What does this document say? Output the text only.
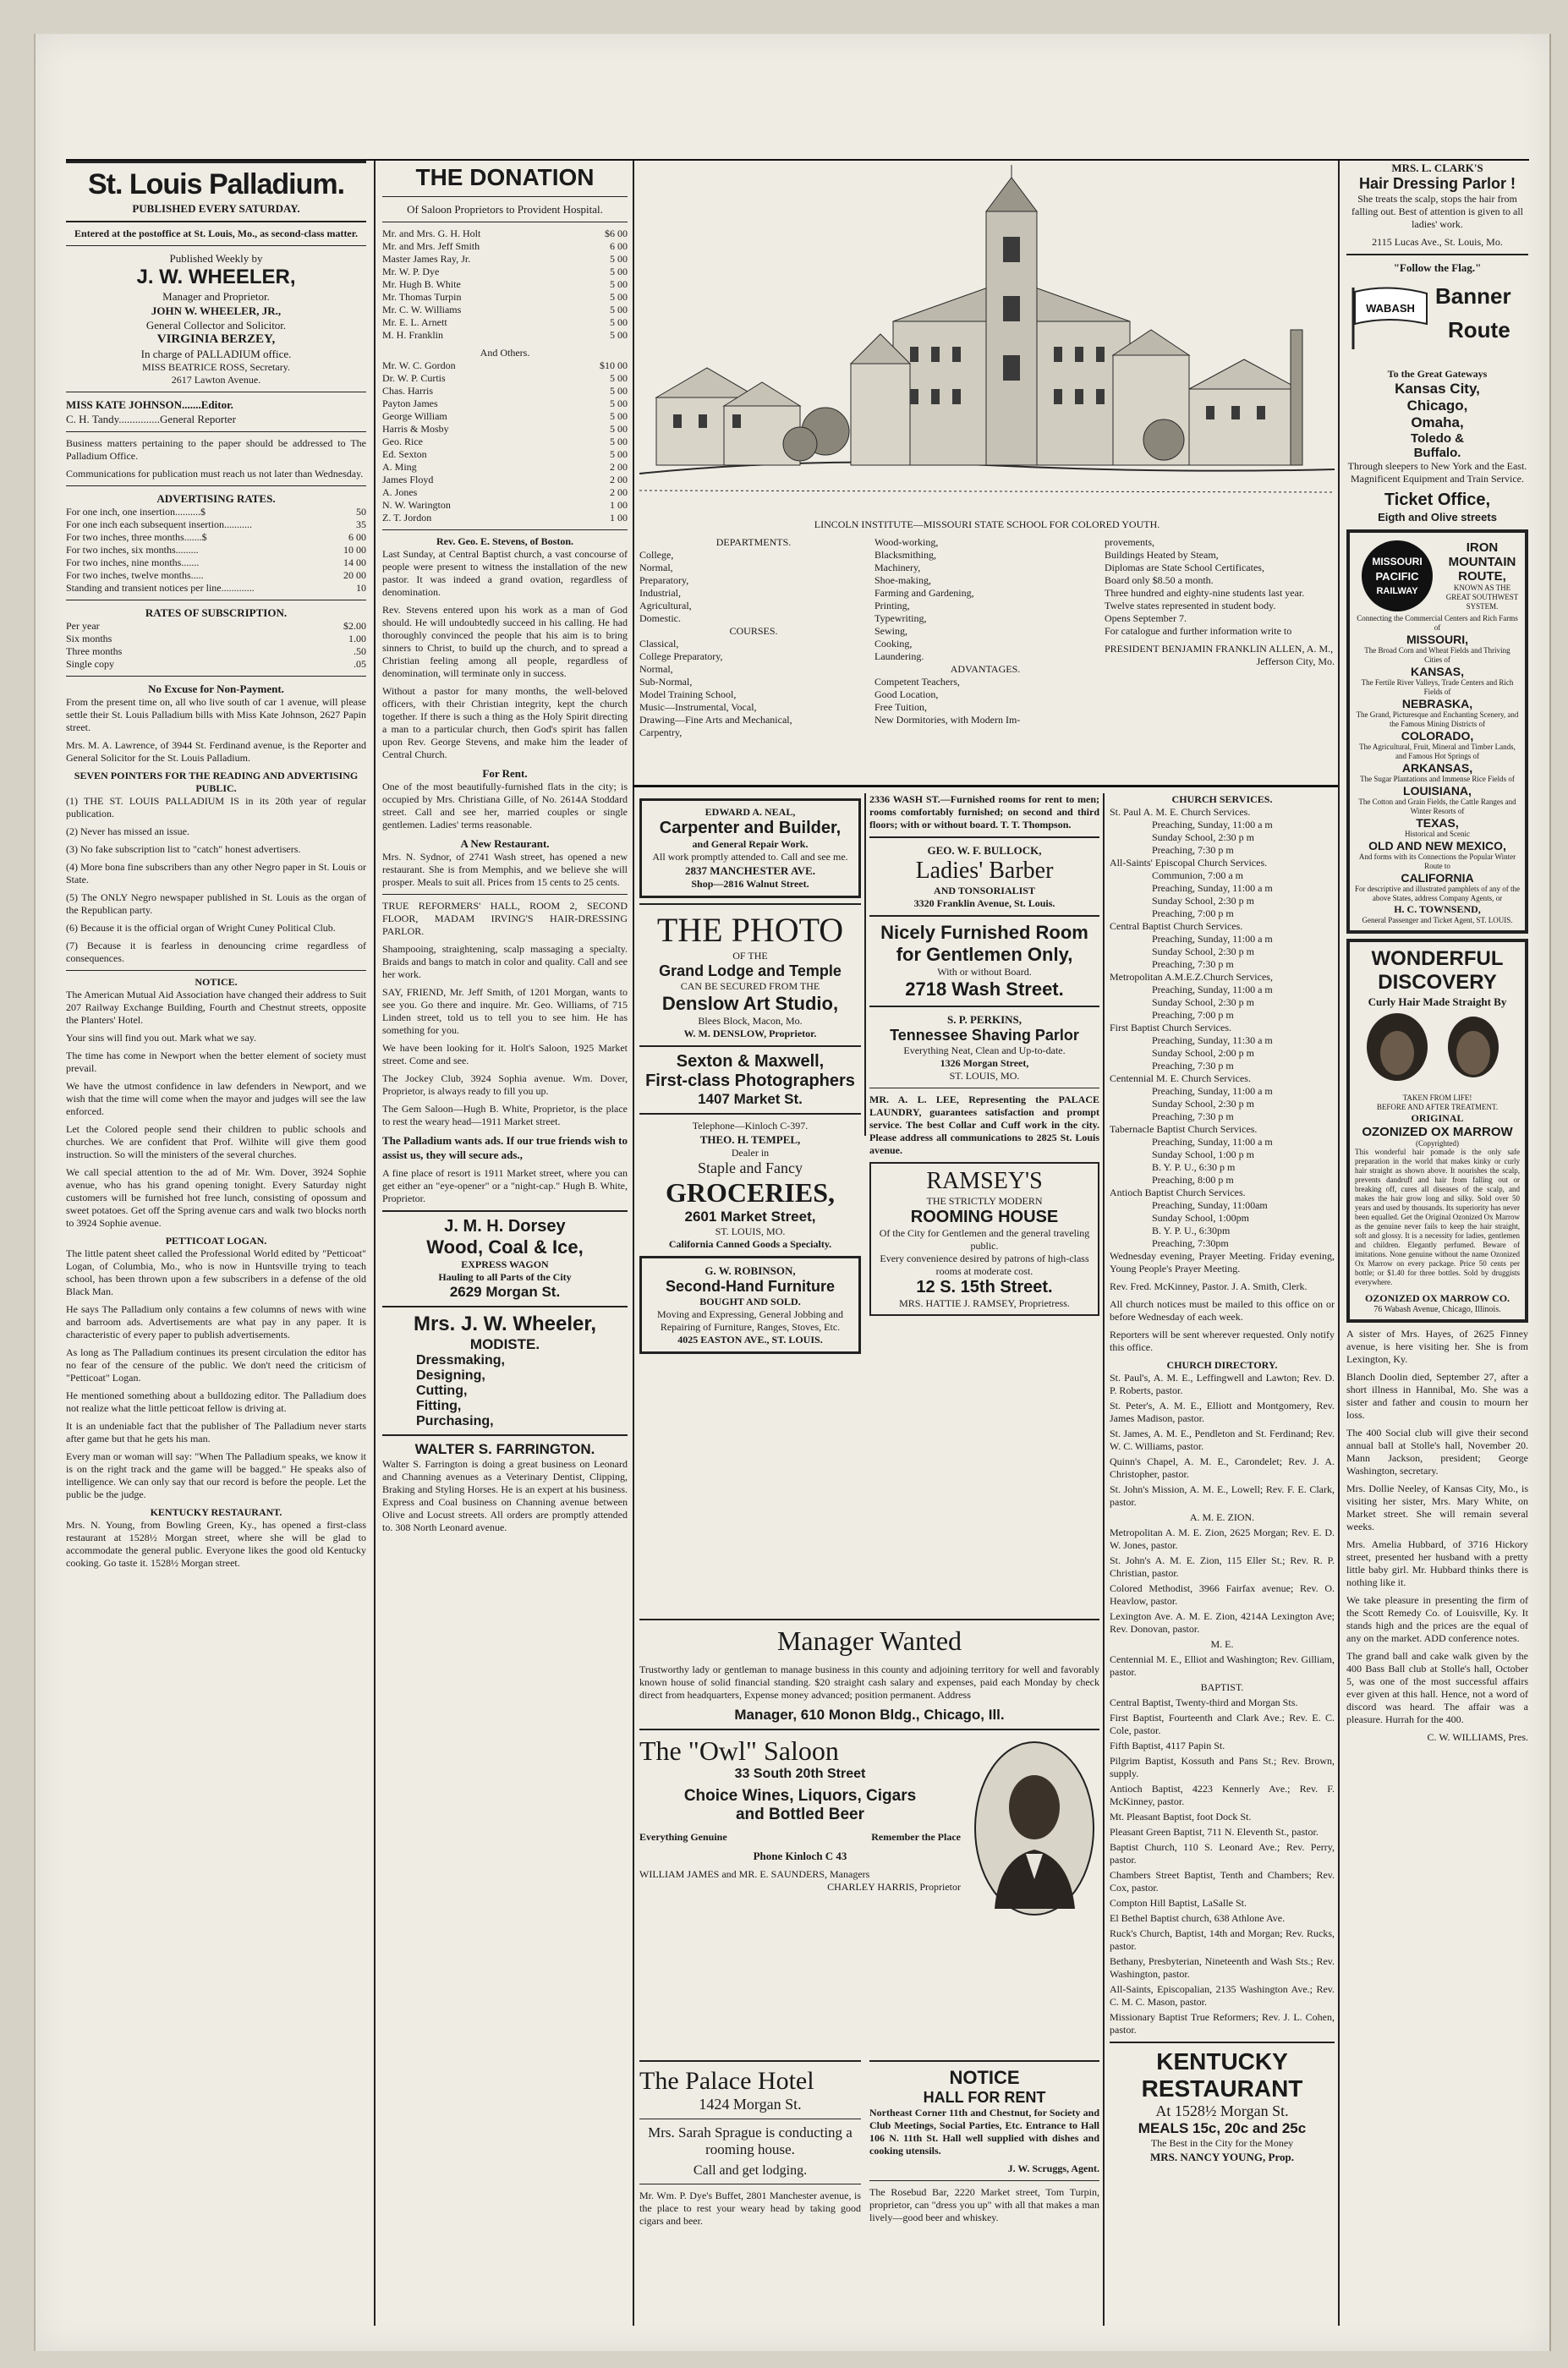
St. Louis Palladium.
PUBLISHED EVERY SATURDAY.

Entered at the postoffice at St. Louis, Mo., as second-class matter.

Published Weekly by
J. W. WHEELER,
Manager and Proprietor.
JOHN W. WHEELER, JR.,
General Collector and Solicitor.
VIRGINIA BERZEY,
In charge of PALLADIUM office.
MISS BEATRICE ROSS, Secretary.
2617 Lawton Avenue.
MISS KATE JOHNSON.......Editor.
C. H. Tandy...............General Reporter

Business matters pertaining to the paper should be addressed to The Palladium Office.

Communications for publication must reach us not later than Wednesday.

ADVERTISING RATES.
For one inch, one insertion..........$	50
For one inch each subsequent insertion...........	35
For two inches, three months.......$	6 00
For two inches, six months.........	10 00
For two inches, nine months.......	14 00
For two inches, twelve months.....	20 00
Standing and transient notices per line.............	10
RATES OF SUBSCRIPTION.
Per year	$2.00
Six months	1.00
Three months	.50
Single copy	.05
No Excuse for Non-Payment.

From the present time on, all who live south of car 1 avenue, will please settle their St. Louis Palladium bills with Miss Kate Johnson, 2627 Papin street.

Mrs. M. A. Lawrence, of 3944 St. Ferdinand avenue, is the Reporter and General Solicitor for the St. Louis Palladium.

SEVEN POINTERS FOR THE READING AND ADVERTISING PUBLIC.

(1) THE ST. LOUIS PALLADIUM IS in its 20th year of regular publication.

(2) Never has missed an issue.

(3) No fake subscription list to "catch" honest advertisers.

(4) More bona fine subscribers than any other Negro paper in St. Louis or State.

(5) The ONLY Negro newspaper published in St. Louis as the organ of the Republican party.

(6) Because it is the official organ of Wright Cuney Political Club.

(7) Because it is fearless in denouncing crime regardless of consequences.

NOTICE.

The American Mutual Aid Association have changed their address to Suit 207 Railway Exchange Building, Fourth and Chestnut streets, opposite the Planters' Hotel.

Your sins will find you out. Mark what we say.

The time has come in Newport when the better element of society must prevail.

We have the utmost confidence in law defenders in Newport, and we wish that the time will come when the mayor and judges will see the law enforced.

Let the Colored people send their children to public schools and churches. We are confident that Prof. Wilhite will give them good instruction. So will the ministers of the several churches.

We call special attention to the ad of Mr. Wm. Dover, 3924 Sophie avenue, who has his grand opening tonight. Every Saturday night customers will be furnished hot free lunch, consisting of opossum and sweet potatoes. Get off the Spring avenue cars and walk two blocks north to 3924 Sophie avenue.

PETTICOAT LOGAN.

The little patent sheet called the Professional World edited by "Petticoat" Logan, of Columbia, Mo., who is now in Huntsville trying to teach school, has been thrown upon a few subscribers in a defense of the old Black Man.

He says The Palladium only contains a few columns of news with wine and barroom ads. Advertisements are what pay in any paper. It is characteristic of every paper to publish advertisements.

As long as The Palladium continues its present circulation the editor has no fear of the censure of the public. We don't need the criticism of "Petticoat" Logan.

He mentioned something about a bulldozing editor. The Palladium does not realize what the little petticoat fellow is driving at.

It is an undeniable fact that the publisher of The Palladium never starts after game but that he gets his man.

Every man or woman will say: "When The Palladium speaks, we know it is on the right track and the game will be bagged." He speaks also of intelligence. We can only say that our record is before the people. Let the public be the judge.

KENTUCKY RESTAURANT.

Mrs. N. Young, from Bowling Green, Ky., has opened a first-class restaurant at 1528½ Morgan street, where she will be glad to accommodate the general public. Everyone likes the good old Kentucky cooking. Go taste it. 1528½ Morgan street.

THE DONATION

Of Saloon Proprietors to Provident Hospital.

Mr. and Mrs. G. H. Holt	$6 00
Mr. and Mrs. Jeff Smith	6 00
Master James Ray, Jr.	5 00
Mr. W. P. Dye	5 00
Mr. Hugh B. White	5 00
Mr. Thomas Turpin	5 00
Mr. C. W. Williams	5 00
Mr. E. L. Arnett	5 00
M. H. Franklin	5 00
And Others.
Mr. W. C. Gordon	$10 00
Dr. W. P. Curtis	5 00
Chas. Harris	5 00
Payton James	5 00
George William	5 00
Harris & Mosby	5 00
Geo. Rice	5 00
Ed. Sexton	5 00
A. Ming	2 00
James Floyd	2 00
A. Jones	2 00
N. W. Warington	1 00
Z. T. Jordon	1 00
Rev. Geo. E. Stevens, of Boston.

Last Sunday, at Central Baptist church, a vast concourse of people were present to witness the installation of the new pastor. It was indeed a grand ovation, regardless of denomination.

Rev. Stevens entered upon his work as a man of God should. He will undoubtedly succeed in his calling. He had thoroughly convinced the people that his aim is to bring sinners to Christ, to build up the church, and to spread a Christian feeling among all people, regardless of denomination, will terminate only in success.

Without a pastor for many months, the well-beloved officers, with their Christian integrity, kept the church together. If there is such a thing as the Holy Spirit directing a man to a particular church, then God's spirit has fallen upon Rev. George Stevens, and make him the leader of Central Church.

For Rent.

One of the most beautifully-furnished flats in the city; is occupied by Mrs. Christiana Gille, of No. 2614A Stoddard street. Call and see her, married couples or single gentlemen. Ladies' terms reasonable.

A New Restaurant.

Mrs. N. Sydnor, of 2741 Wash street, has opened a new restaurant. She is from Memphis, and we believe she will prosper. Meals to suit all. Prices from 15 cents to 25 cents.

TRUE REFORMERS' HALL, ROOM 2, SECOND FLOOR, MADAM IRVING'S HAIR-DRESSING PARLOR.

Shampooing, straightening, scalp massaging a specialty. Braids and bangs to match in color and quality. Call and see her work.

SAY, FRIEND, Mr. Jeff Smith, of 1201 Morgan, wants to see you. Go there and inquire. Mr. Geo. Williams, of 715 Linden street, told us to tell you to see him. He has something for you.

We have been looking for it. Holt's Saloon, 1925 Market street. Come and see.

The Jockey Club, 3924 Sophia avenue. Wm. Dover, Proprietor, is always ready to fill you up.

The Gem Saloon—Hugh B. White, Proprietor, is the place to rest the weary head—1911 Market street.

The Palladium wants ads. If our true friends wish to assist us, they will secure ads.,

A fine place of resort is 1911 Market street, where you can get either an "eye-opener" or a "night-cap." Hugh B. White, Proprietor.

J. M. H. Dorsey
Wood, Coal & Ice,
EXPRESS WAGON
Hauling to all Parts of the City
2629 Morgan St.
Mrs. J. W. Wheeler,
MODISTE.
Dressmaking,
Designing,
Cutting,
Fitting,
Purchasing,
WALTER S. FARRINGTON.

Walter S. Farrington is doing a great business on Leonard and Channing avenues as a Veterinary Dentist, Clipping, Braking and Styling Horses. He is an expert at his business. Express and Coal business on Channing avenue between Olive and Locust streets. All orders are promptly attended to. 308 North Leonard avenue.

LINCOLN INSTITUTE—MISSOURI STATE SCHOOL FOR COLORED YOUTH.
DEPARTMENTS.
College,
Normal,
Preparatory,
Industrial,
Agricultural,
Domestic.
COURSES.
Classical,
College Preparatory,
Normal,
Sub-Normal,
Model Training School,
Music—Instrumental, Vocal,
Drawing—Fine Arts and Mechanical,
Carpentry,
Wood-working,
Blacksmithing,
Machinery,
Shoe-making,
Farming and Gardening,
Printing,
Typewriting,
Sewing,
Cooking,
Laundering.
ADVANTAGES.
Competent Teachers,
Good Location,
Free Tuition,
New Dormitories, with Modern Im-
provements,
Buildings Heated by Steam,
Diplomas are State School Certificates,
Board only $8.50 a month.
Three hundred and eighty-nine students last year.
Twelve states represented in student body.
Opens September 7.
For catalogue and further information write to
PRESIDENT BENJAMIN FRANKLIN ALLEN, A. M.,
Jefferson City, Mo.
EDWARD A. NEAL,
Carpenter and Builder,
and General Repair Work.
All work promptly attended to. Call and see me.
2837 MANCHESTER AVE.
Shop—2816 Walnut Street.
THE PHOTO
OF THE
Grand Lodge and Temple
CAN BE SECURED FROM THE
Denslow Art Studio,
Blees Block, Macon, Mo.
W. M. DENSLOW, Proprietor.
Sexton & Maxwell,
First-class Photographers
1407 Market St.
Telephone—Kinloch C-397.
THEO. H. TEMPEL,
Dealer in
Staple and Fancy
GROCERIES,
2601 Market Street,
ST. LOUIS, MO.
California Canned Goods a Specialty.
G. W. ROBINSON,
Second-Hand Furniture
BOUGHT AND SOLD.
Moving and Expressing, General Jobbing and Repairing of Furniture, Ranges, Stoves, Etc.
4025 EASTON AVE., ST. LOUIS.

2336 WASH ST.—Furnished rooms for rent to men; rooms comfortably furnished; on second and third floors; with or without board. T. T. Thompson.

GEO. W. F. BULLOCK,
Ladies' Barber
AND TONSORIALIST
3320 Franklin Avenue, St. Louis.
Nicely Furnished Room
for Gentlemen Only,
With or without Board.
2718 Wash Street.
S. P. PERKINS,
Tennessee Shaving Parlor
Everything Neat, Clean and Up-to-date.
1326 Morgan Street,
ST. LOUIS, MO.

MR. A. L. LEE, Representing the PALACE LAUNDRY, guarantees satisfaction and prompt service. The best Collar and Cuff work in the city. Please address all communications to 2825 St. Louis avenue.

RAMSEY'S
THE STRICTLY MODERN
ROOMING HOUSE
Of the City for Gentlemen and the general traveling public.
Every convenience desired by patrons of high-class rooms at moderate cost.
12 S. 15th Street.
MRS. HATTIE J. RAMSEY, Proprietress.
Manager Wanted

Trustworthy lady or gentleman to manage business in this county and adjoining territory for well and favorably known house of solid financial standing. $20 straight cash salary and expenses, paid each Monday by check direct from headquarters, Expense money advanced; position permanent. Address

Manager, 610 Monon Bldg., Chicago, Ill.
The "Owl" Saloon
33 South 20th Street
Choice Wines, Liquors, Cigars
and Bottled Beer
Everything Genuine	Remember the Place
Phone Kinloch C 43
WILLIAM JAMES and MR. E. SAUNDERS, Managers
CHARLEY HARRIS, Proprietor
The Palace Hotel
1424 Morgan St.

Mrs. Sarah Sprague is conducting a rooming house.

Call and get lodging.

Mr. Wm. P. Dye's Buffet, 2801 Manchester avenue, is the place to rest your weary head by taking good cigars and beer.

NOTICE
HALL FOR RENT

Northeast Corner 11th and Chestnut, for Society and Club Meetings, Social Parties, Etc. Entrance to Hall 106 N. 11th St. Hall well supplied with dishes and cooking utensils.

J. W. Scruggs, Agent.

The Rosebud Bar, 2220 Market street, Tom Turpin, proprietor, can "dress you up" with all that makes a man lively—good beer and whiskey.

CHURCH SERVICES.
St. Paul A. M. E. Church Services.
Preaching, Sunday, 11:00 a m
Sunday School, 2:30 p m
Preaching, 7:30 p m
All-Saints' Episcopal Church Services.
Communion, 7:00 a m
Preaching, Sunday, 11:00 a m
Sunday School, 2:30 p m
Preaching, 7:00 p m
Central Baptist Church Services.
Preaching, Sunday, 11:00 a m
Sunday School, 2:30 p m
Preaching, 7:30 p m
Metropolitan A.M.E.Z.Church Services,
Preaching, Sunday, 11:00 a m
Sunday School, 2:30 p m
Preaching, 7:00 p m
First Baptist Church Services.
Preaching, Sunday, 11:30 a m
Sunday School, 2:00 p m
Preaching, 7:30 p m
Centennial M. E. Church Services.
Preaching, Sunday, 11:00 a m
Sunday School, 2:30 p m
Preaching, 7:30 p m
Tabernacle Baptist Church Services.
Preaching, Sunday, 11:00 a m
Sunday School, 1:00 p m
B. Y. P. U., 6:30 p m
Preaching, 8:00 p m
Antioch Baptist Church Services.
Preaching, Sunday, 11:00am
Sunday School, 1:00pm
B. Y. P. U., 6:30pm
Preaching, 7:30pm

Wednesday evening, Prayer Meeting. Friday evening, Young People's Prayer Meeting.

Rev. Fred. McKinney, Pastor. J. A. Smith, Clerk.

All church notices must be mailed to this office on or before Wednesday of each week.

Reporters will be sent wherever requested. Only notify this office.

CHURCH DIRECTORY.
St. Paul's, A. M. E., Leffingwell and Lawton; Rev. D. P. Roberts, pastor.
St. Peter's, A. M. E., Elliott and Montgomery, Rev. James Madison, pastor.
St. James, A. M. E., Pendleton and St. Ferdinand; Rev. W. C. Williams, pastor.
Quinn's Chapel, A. M. E., Carondelet; Rev. J. A. Christopher, pastor.
St. John's Mission, A. M. E., Lowell; Rev. F. E. Clark, pastor.
A. M. E. ZION.
Metropolitan A. M. E. Zion, 2625 Morgan; Rev. E. D. W. Jones, pastor.
St. John's A. M. E. Zion, 115 Eller St.; Rev. R. P. Christian, pastor.
Colored Methodist, 3966 Fairfax avenue; Rev. O. Heavlow, pastor.
Lexington Ave. A. M. E. Zion, 4214A Lexington Ave; Rev. Donovan, pastor.
M. E.
Centennial M. E., Elliot and Washington; Rev. Gilliam, pastor.
BAPTIST.
Central Baptist, Twenty-third and Morgan Sts.
First Baptist, Fourteenth and Clark Ave.; Rev. E. C. Cole, pastor.
Fifth Baptist, 4117 Papin St.
Pilgrim Baptist, Kossuth and Pans St.; Rev. Brown, supply.
Antioch Baptist, 4223 Kennerly Ave.; Rev. F. McKinney, pastor.
Mt. Pleasant Baptist, foot Dock St.
Pleasant Green Baptist, 711 N. Eleventh St., pastor.
Baptist Church, 110 S. Leonard Ave.; Rev. Perry, pastor.
Chambers Street Baptist, Tenth and Chambers; Rev. Cox, pastor.
Compton Hill Baptist, LaSalle St.
El Bethel Baptist church, 638 Athlone Ave.
Ruck's Church, Baptist, 14th and Morgan; Rev. Rucks, pastor.
Bethany, Presbyterian, Nineteenth and Wash Sts.; Rev. Washington, pastor.
All-Saints, Episcopalian, 2135 Washington Ave.; Rev. C. M. C. Mason, pastor.
Missionary Baptist True Reformers; Rev. J. L. Cohen, pastor.
KENTUCKY
RESTAURANT
At 1528½ Morgan St.
MEALS 15c, 20c and 25c
The Best in the City for the Money
MRS. NANCY YOUNG, Prop.
MRS. L. CLARK'S
Hair Dressing Parlor !

She treats the scalp, stops the hair from falling out. Best of attention is given to all ladies' work.

2115 Lucas Ave., St. Louis, Mo.
"Follow the Flag."
WABASH Banner
Route
To the Great Gateways
Kansas City,
Chicago,
Omaha,
Toledo &
Buffalo.

Through sleepers to New York and the East. Magnificent Equipment and Train Service.

Ticket Office,
Eigth and Olive streets
MISSOURI
PACIFIC
RAILWAY
IRON MOUNTAIN ROUTE,
KNOWN AS THE GREAT SOUTHWEST SYSTEM.
Connecting the Commercial Centers and Rich Farms of
MISSOURI,
The Broad Corn and Wheat Fields and Thriving Cities of
KANSAS,
The Fertile River Valleys, Trade Centers and Rich Fields of
NEBRASKA,
The Grand, Picturesque and Enchanting Scenery, and the Famous Mining Districts of
COLORADO,
The Agricultural, Fruit, Mineral and Timber Lands, and Famous Hot Springs of
ARKANSAS,
The Sugar Plantations and Immense Rice Fields of
LOUISIANA,
The Cotton and Grain Fields, the Cattle Ranges and Winter Resorts of
TEXAS,
Historical and Scenic
OLD AND NEW MEXICO,
And forms with its Connections the Popular Winter Route to
CALIFORNIA
For descriptive and illustrated pamphlets of any of the above States, address Company Agents, or
H. C. TOWNSEND,
General Passenger and Ticket Agent, ST. LOUIS.
WONDERFUL
DISCOVERY
Curly Hair Made Straight By
TAKEN FROM LIFE!
BEFORE AND AFTER TREATMENT.
ORIGINAL
OZONIZED OX MARROW
(Copyrighted)

This wonderful hair pomade is the only safe preparation in the world that makes kinky or curly hair straight as shown above. It nourishes the scalp, prevents dandruff and hair from falling out or breaking off, cures all diseases of the scalp, and makes the hair grow long and silky. Sold over 50 years and used by thousands. Its superiority has never been equalled. Get the Original Ozonized Ox Marrow as the genuine never fails to keep the hair straight, soft and glossy. It is a necessity for ladies, gentlemen and children. Elegantly perfumed. Beware of imitations. None genuine without the name Ozonized Ox Marrow on every package. Price 50 cents per bottle; or $1.40 for three bottles. Sold by druggists everywhere.

OZONIZED OX MARROW CO.
76 Wabash Avenue, Chicago, Illinois.

A sister of Mrs. Hayes, of 2625 Finney avenue, is here visiting her. She is from Lexington, Ky.

Blanch Doolin died, September 27, after a short illness in Hannibal, Mo. She was a sister and father and cousin to mourn her loss.

The 400 Social club will give their second annual ball at Stolle's hall, November 20. Mann Jackson, president; George Washington, secretary.

Mrs. Dollie Neeley, of Kansas City, Mo., is visiting her sister, Mrs. Mary White, on Market street. She will remain several weeks.

Mrs. Amelia Hubbard, of 3716 Hickory street, presented her husband with a pretty little baby girl. Mr. Hubbard thinks there is nothing like it.

We take pleasure in presenting the firm of the Scott Remedy Co. of Louisville, Ky. It stands high and the prices are the equal of any on the market. ADD conference notes.

The grand ball and cake walk given by the 400 Bass Ball club at Stolle's hall, October 5, was one of the most successful affairs ever given at this hall. Hence, not a word of discord was heard. The affair was a pleasure. Hurrah for the 400.

C. W. WILLIAMS, Pres.
